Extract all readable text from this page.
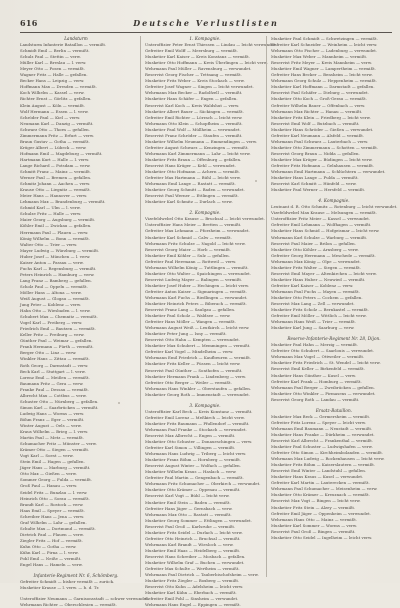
616	Deutsche Verlustlisten
Landsturm
Landsturm Infanterie Bataillon — vermißt.
Schmidt Emil — Berlin — vermißt.
Schulz Paul — Stettin — verw.
Müller Karl — Breslau — l. verw.
Meyer Otto — Posen — vermißt.
Wagner Fritz — Halle — gefallen.
Becker Hans — Leipzig — verw.
Hoffmann Max — Dresden — vermißt.
Koch Wilhelm — Kassel — verw.
Richter Ernst — Görlitz — gefallen.
Klein August — Köln — vermißt.
Wolf Hermann — Essen — l. verw.
Schröder Paul — Kiel — verw.
Neumann Karl — Danzig — vermißt.
Schwarz Otto — Thorn — gefallen.
Zimmermann Fritz — Erfurt — verw.
Braun Gustav — Gotha — vermißt.
Krüger Albert — Lübeck — verw.
Hofmann Emil — Magdeburg — vermißt.
Hartmann Kurt — Halle — l. verw.
Lange Richard — Potsdam — verw.
Schmitt Franz — Mainz — vermißt.
Werner Paul — Bremen — gefallen.
Schmitz Johann — Aachen — verw.
Krause Otto — Liegnitz — vermißt.
Meier Hans — Hannover — verw.
Lehmann Max — Brandenburg — vermißt.
Schmid Karl — Ulm — l. verw.
Schulze Fritz — Halle — verw.
Maier Georg — Augsburg — vermißt.
Köhler Emil — Zwickau — gefallen.
Herrmann Paul — Plauen — verw.
König Wilhelm — Bonn — vermißt.
Walter Otto — Trier — verw.
Mayer Ludwig — Würzburg — vermißt.
Huber Josef — München — l. verw.
Kaiser Anton — Passau — verw.
Fuchs Karl — Regensburg — vermißt.
Peters Heinrich — Hamburg — verw.
Lang Franz — Bamberg — gefallen.
Scholz Paul — Oppeln — vermißt.
Möller Hans — Altona — verw.
Weiß August — Glogau — vermißt.
Jung Peter — Koblenz — verw.
Hahn Otto — Wiesbaden — l. verw.
Schubert Max — Chemnitz — vermißt.
Vogel Karl — Freiberg — verw.
Friedrich Emil — Bautzen — vermißt.
Keller Fritz — Freiburg — verw.
Günther Paul — Weimar — gefallen.
Frank Hermann — Fürth — vermißt.
Berger Otto — Linz — verw.
Winkler Hans — Zittau — vermißt.
Roth Georg — Darmstadt — verw.
Beck Karl — Stuttgart — l. verw.
Lorenz Emil — Meißen — vermißt.
Baumann Fritz — Gera — verw.
Franke Paul — Dessau — vermißt.
Albrecht Max — Cottbus — verw.
Schuster Otto — Nürnberg — gefallen.
Simon Karl — Saarbrücken — vermißt.
Ludwig Hans — Worms — verw.
Böhm Franz — Eger — vermißt.
Winter August — Oels — verw.
Kraus Wilhelm — Brieg — l. verw.
Martin Paul — Metz — vermißt.
Schumacher Fritz — Münster — verw.
Krämer Otto — Siegen — vermißt.
Vogt Karl — Soest — verw.
Stein Emil — Hagen — gefallen.
Jäger Hans — Marburg — vermißt.
Otto Max — Gießen — verw.
Sommer Georg — Fulda — vermißt.
Groß Paul — Hanau — verw.
Seidel Fritz — Bunzlau — l. verw.
Heinrich Otto — Sorau — vermißt.
Brandt Karl — Rostock — verw.
Haas Emil — Speyer — vermißt.
Schreiber Hans — Jena — verw.
Graf Wilhelm — Lahr — gefallen.
Schulte Max — Dortmund — vermißt.
Dietrich Paul — Plauen — verw.
Ziegler Fritz — Hof — vermißt.
Kuhn Otto — Gotha — verw.
Kühn Karl — Pirna — l. verw.
Pohl Emil — Neiße — vermißt.
Engel Hans — Hameln — verw.
Infanterie-Regiment Nr. 6, Schömberg.
Gefreiter Schmidt — bisher vermißt — zurück.
Musketier Krause — l. verw. — b. d. Tr.
Unteroffizier Neumann — Garnisonsstadt — schwer verwundet.
Wehrmann Richter — Oberschlesien — vermißt.
1. Kompagnie.
Unteroffizier Peter Ernst Thiessen — Lindau — leicht verwundet.
Gefreiter Emil Wolff — Meersburg — vermißt.
Musketier Karl Kaiser — Kreis Konstanz — vermißt.
Musketier Otto Hoffmann — Kreis Überlingen — leicht verw.
Wehrmann Paul Müller — Ravensburg — verwundet.
Reservist Georg Fischer — Tettnang — vermißt.
Musketier Fritz Weber — Kreis Stockach — verw.
Gefreiter Josef Wagner — Singen — leicht verwundet.
Wehrmann Max Becker — Radolfzell — vermißt.
Musketier Hans Schäfer — Engen — gefallen.
Reservist Karl Koch — Kreis Waldshut — verw.
Musketier Albert Bauer — Säckingen — vermißt.
Gefreiter Emil Richter — Lörrach — leicht verw.
Wehrmann Otto Klein — Schopfheim — vermißt.
Musketier Paul Wolf — Müllheim — verwundet.
Reservist Franz Schröder — Staufen — vermißt.
Musketier Wilhelm Neumann — Emmendingen — verw.
Gefreiter August Schwarz — Kenzingen — vermißt.
Wehrmann Karl Zimmermann — Lahr — leicht verw.
Musketier Fritz Braun — Offenburg — gefallen.
Reservist Hans Krüger — Kehl — verwundet.
Musketier Otto Hofmann — Achern — vermißt.
Gefreiter Max Hartmann — Bühl — leicht verw.
Wehrmann Emil Lange — Rastatt — vermißt.
Musketier Georg Schmitt — Baden — verwundet.
Reservist Paul Werner — Ettlingen — vermißt.
Musketier Karl Schmitz — Durlach — verw.
2. Kompagnie.
Vizefeldwebel Otto Krause — Bruchsal — leicht verwundet.
Unteroffizier Hans Meier — Bretten — vermißt.
Gefreiter Max Lehmann — Pforzheim — verwundet.
Musketier Karl Schmid — Calw — vermißt.
Wehrmann Fritz Schulze — Nagold — leicht verw.
Reservist Georg Maier — Horb — vermißt.
Musketier Emil Köhler — Sulz — gefallen.
Gefreiter Paul Herrmann — Rottweil — verw.
Wehrmann Wilhelm König — Tuttlingen — vermißt.
Musketier Otto Walter — Spaichingen — verwundet.
Reservist Ludwig Mayer — Balingen — vermißt.
Musketier Josef Huber — Hechingen — leicht verw.
Gefreiter Anton Kaiser — Sigmaringen — vermißt.
Wehrmann Karl Fuchs — Riedlingen — verwundet.
Musketier Heinrich Peters — Biberach — vermißt.
Reservist Franz Lang — Saulgau — gefallen.
Musketier Paul Scholz — Waldsee — verw.
Gefreiter Hans Möller — Wangen — vermißt.
Wehrmann August Weiß — Leutkirch — leicht verw.
Musketier Peter Jung — Isny — vermißt.
Reservist Otto Hahn — Kempten — verwundet.
Musketier Max Schubert — Memmingen — vermißt.
Gefreiter Karl Vogel — Mindelheim — verw.
Wehrmann Emil Friedrich — Kaufbeuren — vermißt.
Musketier Fritz Keller — Füssen — leicht verw.
Reservist Paul Günther — Sonthofen — vermißt.
Musketier Hermann Frank — Lindenberg — verw.
Gefreiter Otto Berger — Weiler — vermißt.
Wehrmann Hans Winkler — Oberstaufen — gefallen.
Musketier Georg Roth — Immenstadt — verwundet.
3. Kompagnie.
Unteroffizier Karl Beck — Kreis Konstanz — vermißt.
Gefreiter Emil Lorenz — Meßkirch — leicht verw.
Musketier Fritz Baumann — Pfullendorf — vermißt.
Wehrmann Paul Franke — Stockach — verwundet.
Reservist Max Albrecht — Engen — vermißt.
Musketier Otto Schuster — Donaueschingen — verw.
Gefreiter Karl Simon — Villingen — vermißt.
Wehrmann Hans Ludwig — Triberg — leicht verw.
Musketier Franz Böhm — Hornberg — vermißt.
Reservist August Winter — Wolfach — gefallen.
Musketier Wilhelm Kraus — Haslach — verw.
Gefreiter Paul Martin — Gengenbach — vermißt.
Wehrmann Fritz Schumacher — Oberkirch — verwundet.
Musketier Otto Krämer — Oppenau — vermißt.
Reservist Karl Vogt — Bühl — leicht verw.
Musketier Emil Stein — Baden — vermißt.
Gefreiter Hans Jäger — Gernsbach — verw.
Wehrmann Max Otto — Rastatt — vermißt.
Musketier Georg Sommer — Ettlingen — verwundet.
Reservist Paul Groß — Karlsruhe — vermißt.
Musketier Fritz Seidel — Durlach — leicht verw.
Gefreiter Otto Heinrich — Bruchsal — vermißt.
Wehrmann Karl Brandt — Wiesloch — verw.
Musketier Emil Haas — Heidelberg — vermißt.
Reservist Hans Schreiber — Mosbach — gefallen.
Musketier Wilhelm Graf — Buchen — verwundet.
Gefreiter Max Schulte — Wertheim — vermißt.
Wehrmann Paul Dietrich — Tauberbischofsheim — verw.
Musketier Fritz Ziegler — Boxberg — vermißt.
Reservist Otto Kuhn — Adelsheim — leicht verw.
Musketier Karl Kühn — Eberbach — vermißt.
Gefreiter Emil Pohl — Sinsheim — verwundet.
Wehrmann Hans Engel — Eppingen — vermißt.
Musketier Paul Schmidt — Schwetzingen — vermißt.
Gefreiter Karl Schneider — Weinheim — leicht verw.
Wehrmann Otto Fischer — Ladenburg — verwundet.
Musketier Max Weber — Mannheim — vermißt.
Reservist Fritz Meyer — Kreis Mannheim — verw.
Musketier Emil Wagner — Lampertheim — vermißt.
Gefreiter Hans Becker — Bensheim — leicht verw.
Wehrmann Georg Schulz — Heppenheim — vermißt.
Musketier Karl Hoffmann — Darmstadt — gefallen.
Reservist Paul Schäfer — Dieburg — verwundet.
Musketier Otto Koch — Groß-Gerau — vermißt.
Gefreiter Wilhelm Bauer — Offenbach — verw.
Wehrmann Max Richter — Hanau — vermißt.
Musketier Fritz Klein — Friedberg — leicht verw.
Reservist Emil Wolf — Butzbach — vermißt.
Musketier Hans Schröder — Gießen — verwundet.
Gefreiter Karl Neumann — Alsfeld — vermißt.
Wehrmann Paul Schwarz — Lauterbach — verw.
Musketier Otto Zimmermann — Schotten — vermißt.
Reservist Georg Braun — Nidda — gefallen.
Musketier Max Krüger — Büdingen — leicht verw.
Gefreiter Fritz Hofmann — Gelnhausen — vermißt.
Wehrmann Emil Hartmann — Schlüchtern — verwundet.
Musketier Hans Lange — Fulda — vermißt.
Reservist Karl Schmitt — Hünfeld — verw.
Musketier Paul Werner — Hersfeld — vermißt.
4. Kompagnie.
Leutnant d. R. Otto Schmitz — Rotenburg — leicht verwundet.
Vizefeldwebel Max Krause — Melsungen — vermißt.
Unteroffizier Fritz Meier — Kassel — verwundet.
Gefreiter Emil Lehmann — Wolfhagen — vermißt.
Musketier Hans Schmid — Hofgeismar — leicht verw.
Wehrmann Karl Schulze — Warburg — vermißt.
Reservist Paul Maier — Brilon — gefallen.
Musketier Otto Köhler — Arnsberg — verw.
Gefreiter Georg Herrmann — Meschede — vermißt.
Wehrmann Max König — Olpe — verwundet.
Musketier Fritz Walter — Siegen — vermißt.
Reservist Emil Mayer — Altenkirchen — leicht verw.
Musketier Hans Huber — Neuwied — vermißt.
Gefreiter Karl Kaiser — Koblenz — verw.
Wehrmann Paul Fuchs — Mayen — vermißt.
Musketier Otto Peters — Cochem — gefallen.
Reservist Max Lang — Zell — verwundet.
Musketier Fritz Scholz — Bernkastel — vermißt.
Gefreiter Emil Möller — Wittlich — leicht verw.
Wehrmann Hans Weiß — Trier — vermißt.
Musketier Karl Jung — Saarburg — verw.
Reserve-Infanterie-Regiment Nr. 28, Dijon.
Musketier Paul Hahn — Merzig — vermißt.
Gefreiter Otto Schubert — Saarlouis — verwundet.
Wehrmann Max Vogel — Ottweiler — vermißt.
Musketier Fritz Friedrich — St. Wendel — leicht verw.
Reservist Emil Keller — Birkenfeld — vermißt.
Musketier Hans Günther — Kusel — verw.
Gefreiter Karl Frank — Homburg — vermißt.
Wehrmann Paul Berger — Zweibrücken — gefallen.
Musketier Otto Winkler — Pirmasens — verwundet.
Reservist Georg Roth — Landau — vermißt.
Ersatz-Bataillon.
Musketier Max Beck — Germersheim — vermißt.
Gefreiter Fritz Lorenz — Speyer — leicht verw.
Wehrmann Emil Baumann — Neustadt — vermißt.
Musketier Hans Franke — Dürkheim — verwundet.
Reservist Karl Albrecht — Frankenthal — vermißt.
Musketier Paul Schuster — Ludwigshafen — verw.
Gefreiter Otto Simon — Kirchheimbolanden — vermißt.
Wehrmann Max Ludwig — Rockenhausen — leicht verw.
Musketier Fritz Böhm — Kaiserslautern — vermißt.
Reservist Emil Winter — Landstuhl — gefallen.
Musketier Hans Kraus — Kusel — verwundet.
Gefreiter Karl Martin — Lauterecken — vermißt.
Wehrmann Paul Schumacher — Meisenheim — verw.
Musketier Otto Krämer — Kreuznach — vermißt.
Reservist Max Vogt — Bingen — leicht verw.
Musketier Fritz Stein — Alzey — vermißt.
Gefreiter Emil Jäger — Oppenheim — verwundet.
Wehrmann Hans Otto — Mainz — vermißt.
Musketier Karl Sommer — Worms — verw.
Reservist Paul Groß — Bingen — vermißt.
Musketier Otto Seidel — Ingelheim — leicht verw.
